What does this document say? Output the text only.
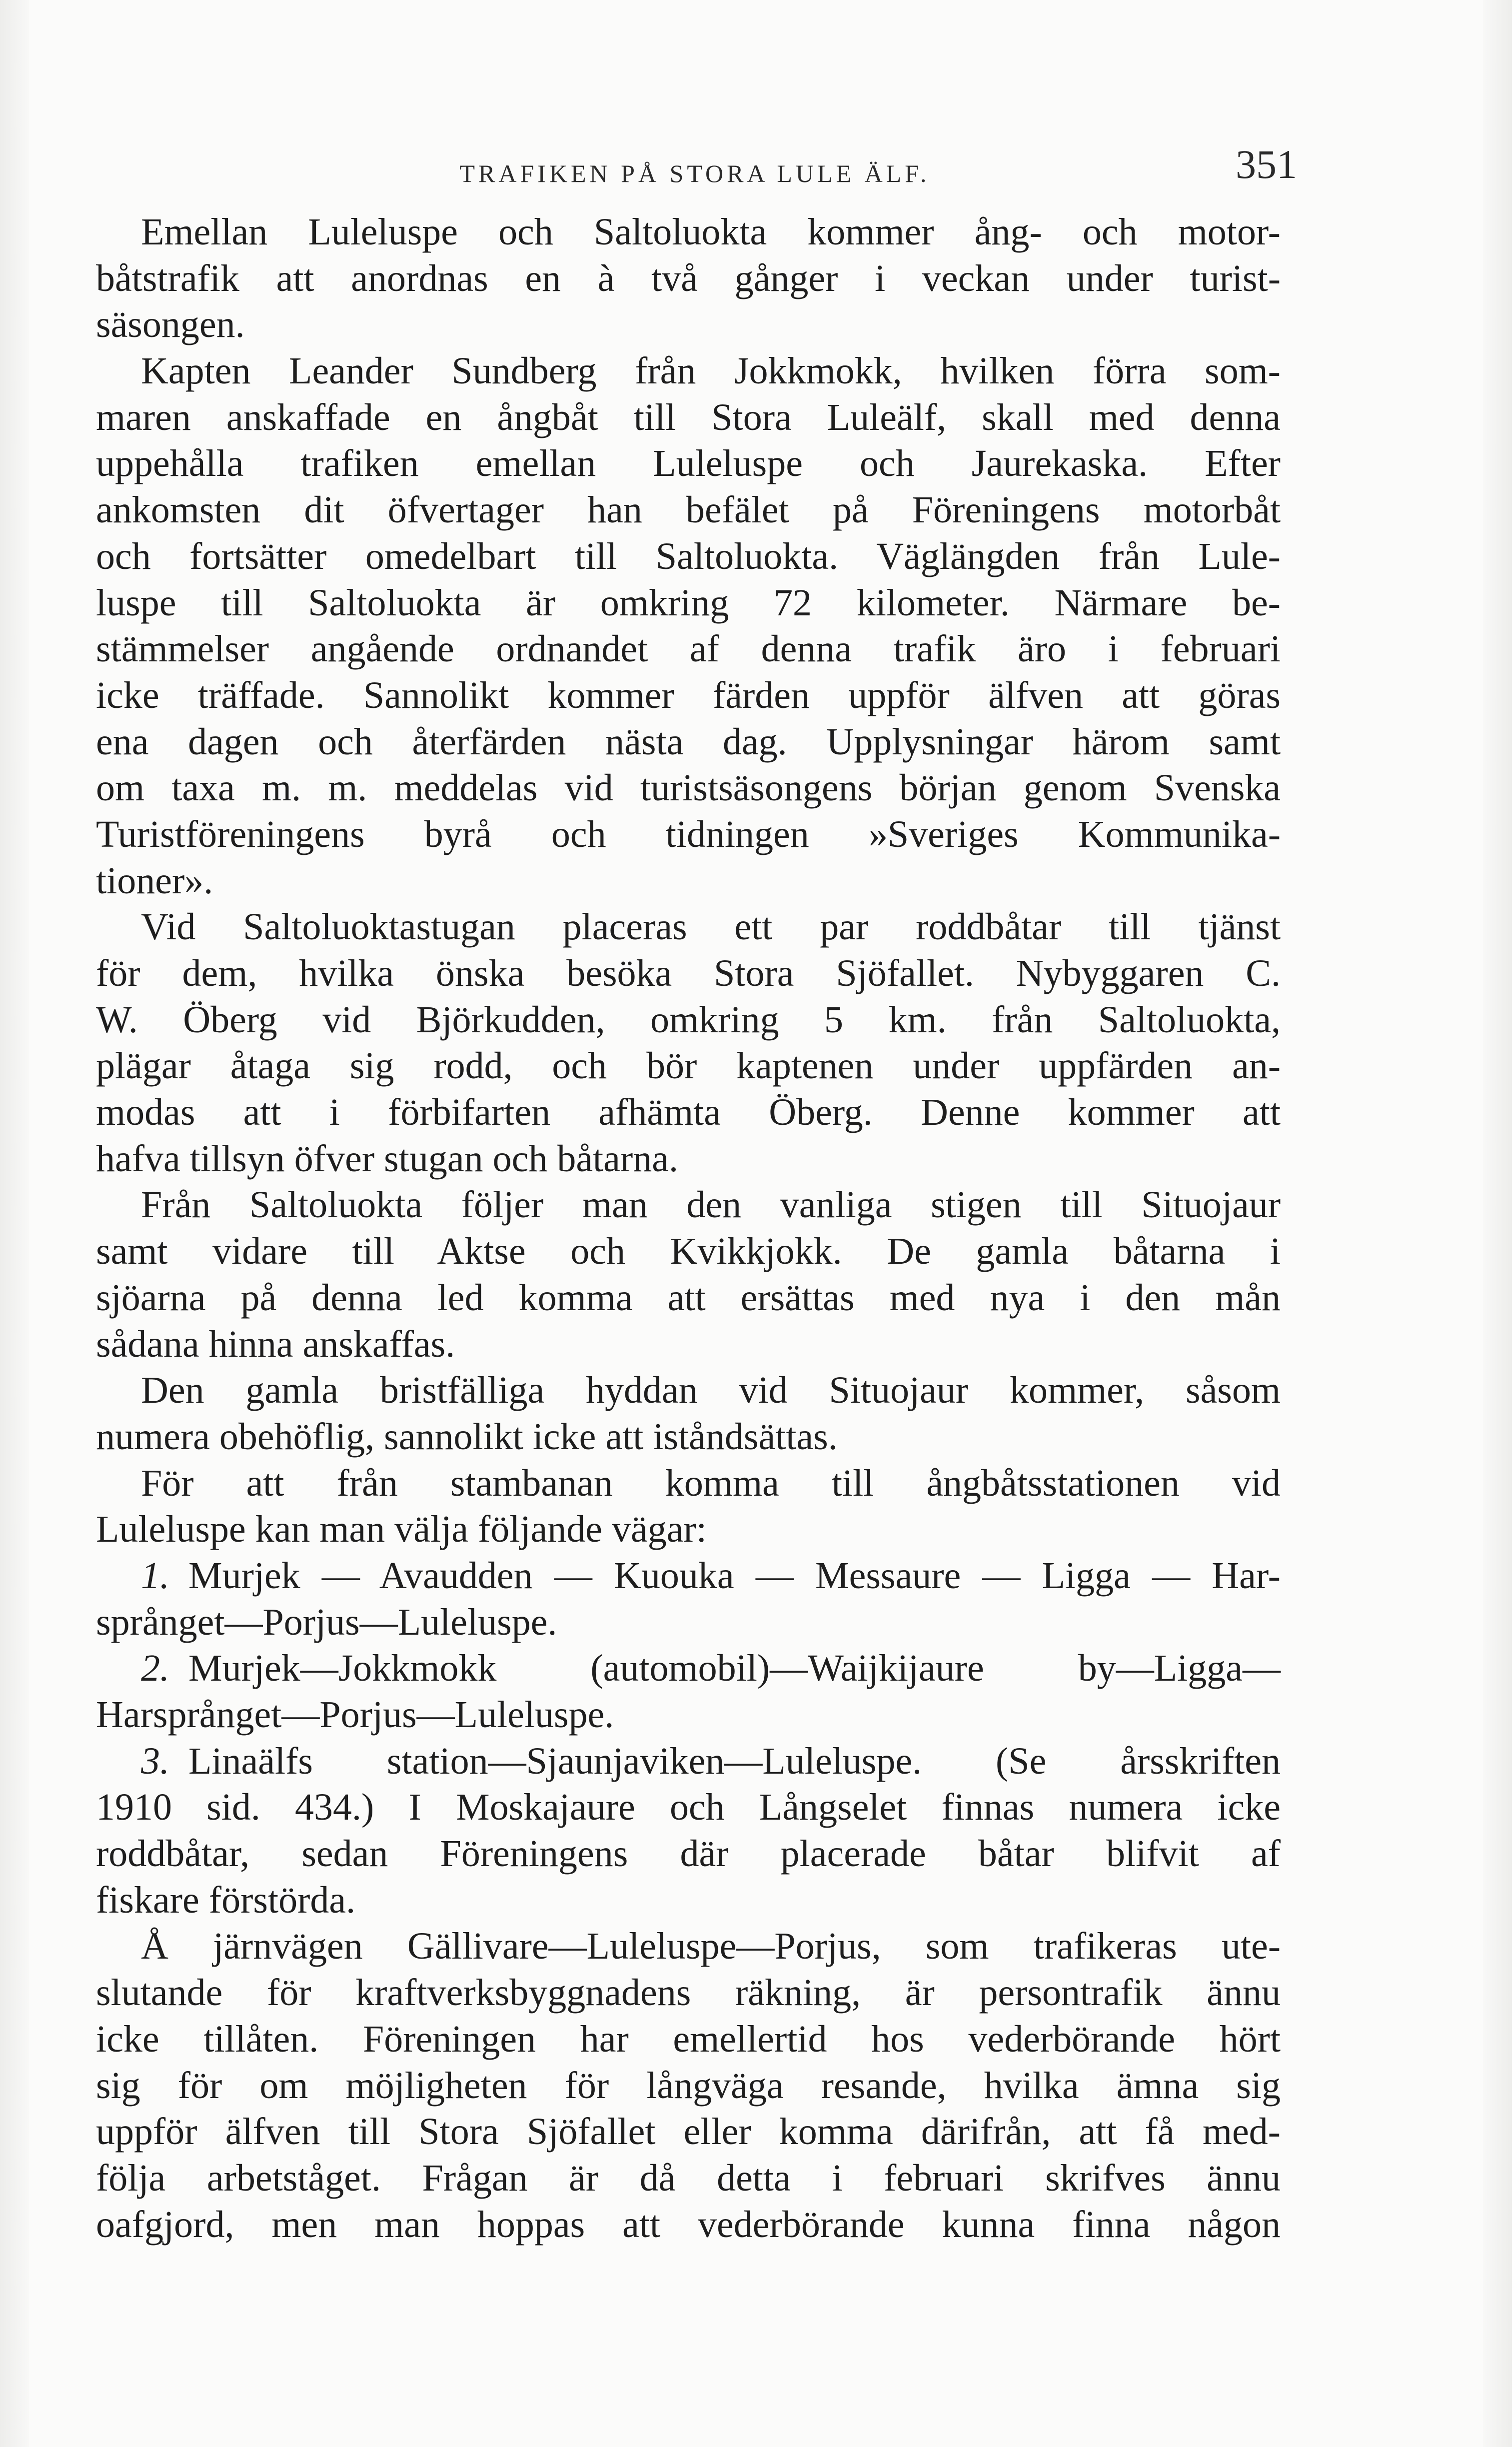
TRAFIKEN PÅ STORA LULE ÄLF.	351
Emellan Luleluspe och Saltoluokta kommer ång- och motor-
båtstrafik att anordnas en à två gånger i veckan under turist-
säsongen.
Kapten Leander Sundberg från Jokkmokk, hvilken förra som-
maren anskaffade en ångbåt till Stora Luleälf, skall med denna
uppehålla trafiken emellan Luleluspe och Jaurekaska. Efter
ankomsten dit öfvertager han befälet på Föreningens motorbåt
och fortsätter omedelbart till Saltoluokta. Väglängden från Lule-
luspe till Saltoluokta är omkring 72 kilometer. Närmare be-
stämmelser angående ordnandet af denna trafik äro i februari
icke träffade. Sannolikt kommer färden uppför älfven att göras
ena dagen och återfärden nästa dag. Upplysningar härom samt
om taxa m. m. meddelas vid turistsäsongens början genom Svenska
Turistföreningens byrå och tidningen »Sveriges Kommunika-
tioner».
Vid Saltoluoktastugan placeras ett par roddbåtar till tjänst
för dem, hvilka önska besöka Stora Sjöfallet. Nybyggaren C.
W. Öberg vid Björkudden, omkring 5 km. från Saltoluokta,
plägar åtaga sig rodd, och bör kaptenen under uppfärden an-
modas att i förbifarten afhämta Öberg. Denne kommer att
hafva tillsyn öfver stugan och båtarna.
Från Saltoluokta följer man den vanliga stigen till Situojaur
samt vidare till Aktse och Kvikkjokk. De gamla båtarna i
sjöarna på denna led komma att ersättas med nya i den mån
sådana hinna anskaffas.
Den gamla bristfälliga hyddan vid Situojaur kommer, såsom
numera obehöflig, sannolikt icke att iståndsättas.
För att från stambanan komma till ångbåtsstationen vid
Luleluspe kan man välja följande vägar:
1. Murjek — Avaudden — Kuouka — Messaure — Ligga — Har-
språnget—Porjus—Luleluspe.
2. Murjek—Jokkmokk (automobil)—Waijkijaure by—Ligga—
Harsprånget—Porjus—Luleluspe.
3. Linaälfs station—Sjaunjaviken—Luleluspe. (Se årsskriften
1910 sid. 434.) I Moskajaure och Långselet finnas numera icke
roddbåtar, sedan Föreningens där placerade båtar blifvit af
fiskare förstörda.
Å järnvägen Gällivare—Luleluspe—Porjus, som trafikeras ute-
slutande för kraftverksbyggnadens räkning, är persontrafik ännu
icke tillåten. Föreningen har emellertid hos vederbörande hört
sig för om möjligheten för långväga resande, hvilka ämna sig
uppför älfven till Stora Sjöfallet eller komma därifrån, att få med-
följa arbetståget. Frågan är då detta i februari skrifves ännu
oafgjord, men man hoppas att vederbörande kunna finna någon
